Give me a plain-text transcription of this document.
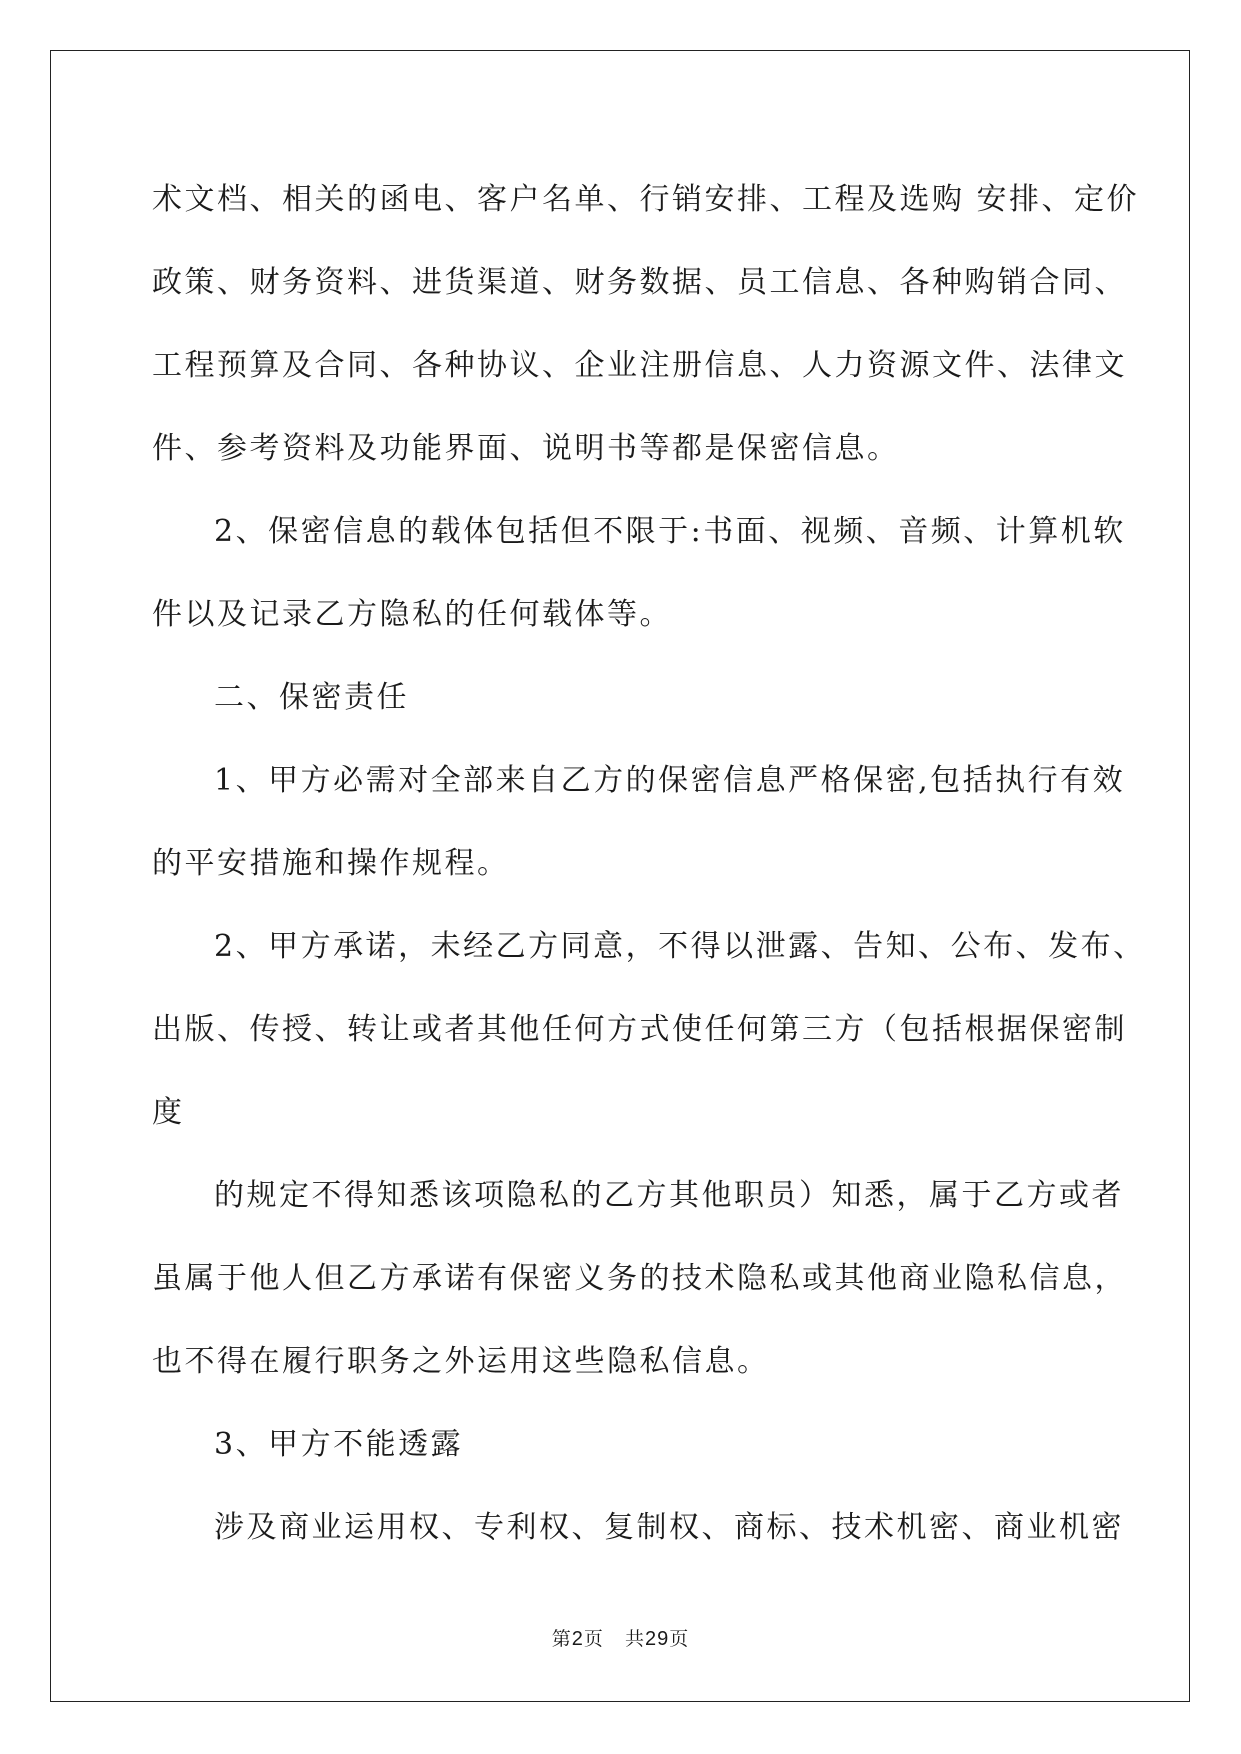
术文档、相关的函电、客户名单、行销安排、工程及选购 安排、定价
政策、财务资料、进货渠道、财务数据、员工信息、各种购销合同、
工程预算及合同、各种协议、企业注册信息、人力资源文件、法律文
件、参考资料及功能界面、说明书等都是保密信息。
2、保密信息的载体包括但不限于:书面、视频、音频、计算机软
件以及记录乙方隐私的任何载体等。
二、保密责任
1、甲方必需对全部来自乙方的保密信息严格保密,包括执行有效
的平安措施和操作规程。
2、甲方承诺，未经乙方同意，不得以泄露、告知、公布、发布、
出版、传授、转让或者其他任何方式使任何第三方（包括根据保密制
度
的规定不得知悉该项隐私的乙方其他职员）知悉，属于乙方或者
虽属于他人但乙方承诺有保密义务的技术隐私或其他商业隐私信息，
也不得在履行职务之外运用这些隐私信息。
3、甲方不能透露
涉及商业运用权、专利权、复制权、商标、技术机密、商业机密
第2页 共29页
